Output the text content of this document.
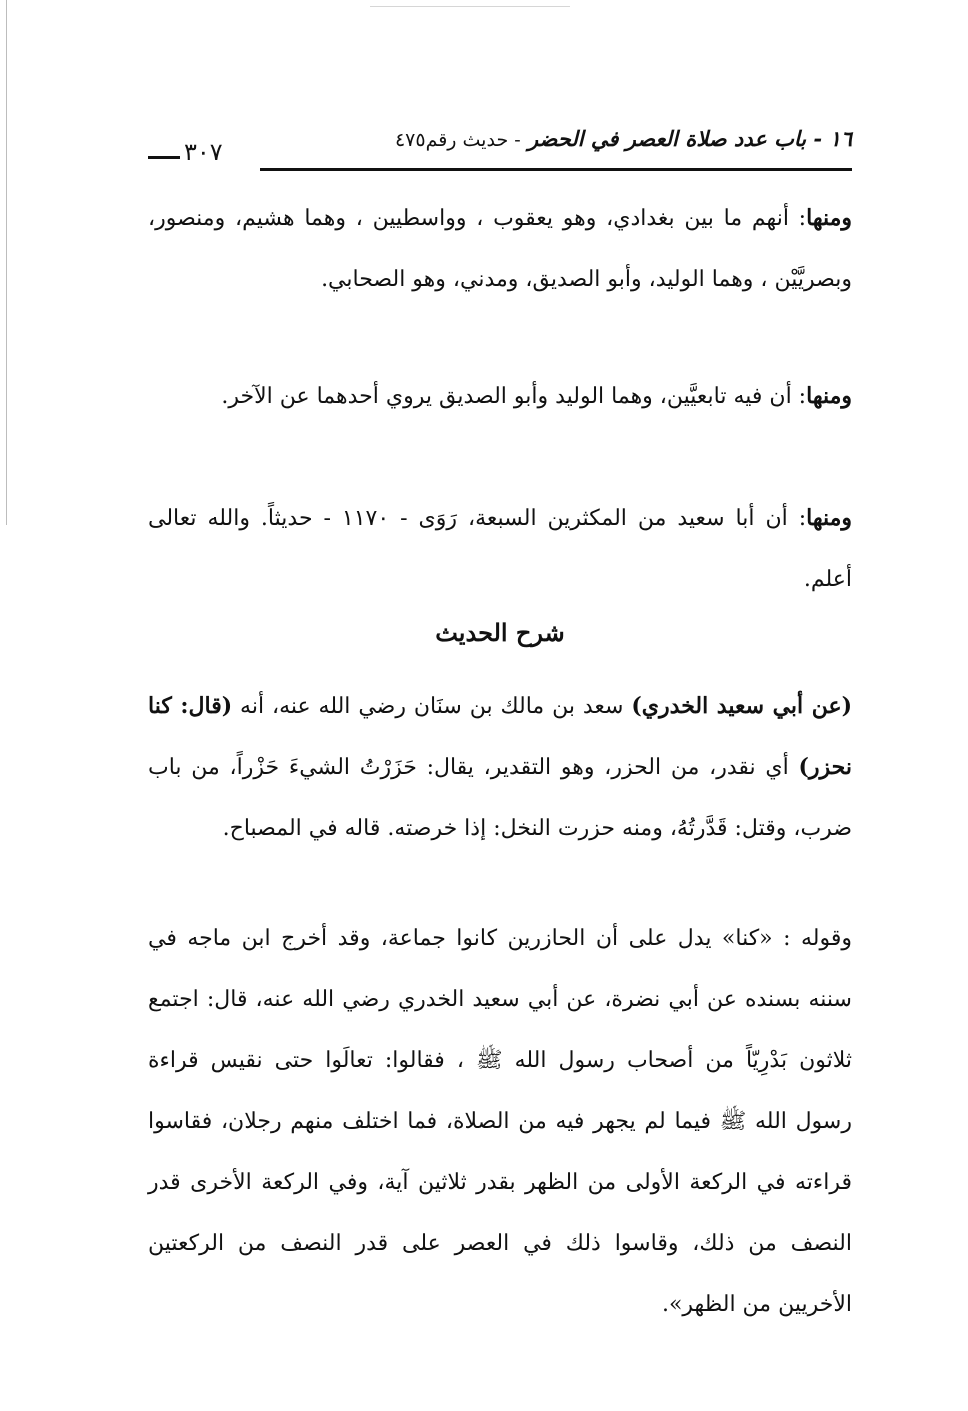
١٦ - باب عدد صلاة العصر في الحضر - حديث رقم٤٧٥
٣٠٧

ومنها: أنهم ما بين بغدادي، وهو يعقوب ، وواسطيين ، وهما هشيم، ومنصور، وبصريَّيْن ، وهما الوليد، وأبو الصديق، ومدني، وهو الصحابي.

ومنها: أن فيه تابعيَّين، وهما الوليد وأبو الصديق يروي أحدهما عن الآخر.

ومنها: أن أبا سعيد من المكثرين السبعة، رَوَى - ١١٧٠ - حديثاً. والله تعالى أعلم.

شرح الحديث

(عن أبي سعيد الخدري) سعد بن مالك بن سنَان رضي الله عنه، أنه (قال: كنا نحزر) أي نقدر، من الحزر، وهو التقدير، يقال: حَزَرْتُ الشيءَ حَزْراً، من باب ضرب، وقتل: قَدَّرتُهُ، ومنه حزرت النخل: إذا خرصته. قاله في المصباح.

وقوله : «كنا» يدل على أن الحازرين كانوا جماعة، وقد أخرج ابن ماجه في سننه بسنده عن أبي نضرة، عن أبي سعيد الخدري رضي الله عنه، قال: اجتمع ثلاثون بَدْرِيّاً من أصحاب رسول الله ﷺ ، فقالوا: تعالَوا حتى نقيس قراءة رسول الله ﷺ فيما لم يجهر فيه من الصلاة، فما اختلف منهم رجلان، فقاسوا قراءته في الركعة الأولى من الظهر بقدر ثلاثين آية، وفي الركعة الأخرى قدر النصف من ذلك، وقاسوا ذلك في العصر على قدر النصف من الركعتين الأخريين من الظهر».
